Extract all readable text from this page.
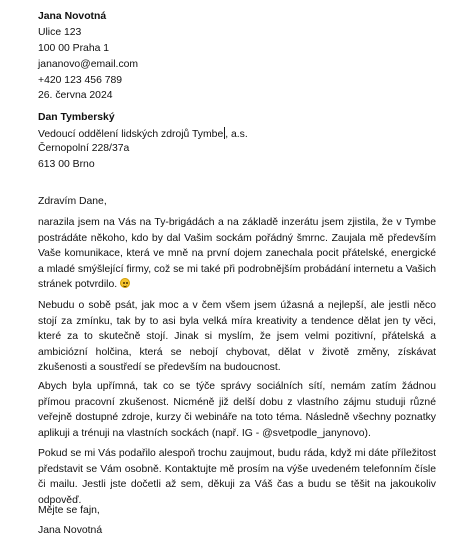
Jana Novotná
Ulice 123
100 00 Praha 1
jananovo@email.com
+420 123 456 789
26. června 2024
Dan Tymberský
Vedoucí oddělení lidských zdrojů Tymbe , a.s.
Černopolní 228/37a
613 00 Brno
Zdravím Dane,
narazila jsem na Vás na Ty-brigádách a na základě inzerátu jsem zjistila, že v Tymbe postrádáte někoho, kdo by dal Vašim sockám pořádný šmrnc. Zaujala mě především Vaše komunikace, která ve mně na první dojem zanechala pocit přátelské, energické a mladé smýšlející firmy, což se mi také při podrobnějším probádání internetu a Vašich stránek potvrdilo.
Nebudu o sobě psát, jak moc a v čem všem jsem úžasná a nejlepší, ale jestli něco stojí za zmínku, tak by to asi byla velká míra kreativity a tendence dělat jen ty věci, které za to skutečně stojí. Jinak si myslím, že jsem velmi pozitivní, přátelská a ambiciózní holčina, která se nebojí chybovat, dělat v životě změny, získávat zkušenosti a soustředí se především na budoucnost.
Abych byla upřímná, tak co se týče správy sociálních sítí, nemám zatím žádnou přímou pracovní zkušenost. Nicméně již delší dobu z vlastního zájmu studuji různé veřejně dostupné zdroje, kurzy či webináře na toto téma. Následně všechny poznatky aplikuji a trénuji na vlastních sockách (např. IG - @svetpodle_janynovo).
Pokud se mi Vás podařilo alespoň trochu zaujmout, budu ráda, když mi dáte příležitost představit se Vám osobně. Kontaktujte mě prosím na výše uvedeném telefonním čísle či mailu. Jestli jste dočetli až sem, děkuji za Váš čas a budu se těšit na jakoukoliv odpověď.
Mějte se fajn,
Jana Novotná
